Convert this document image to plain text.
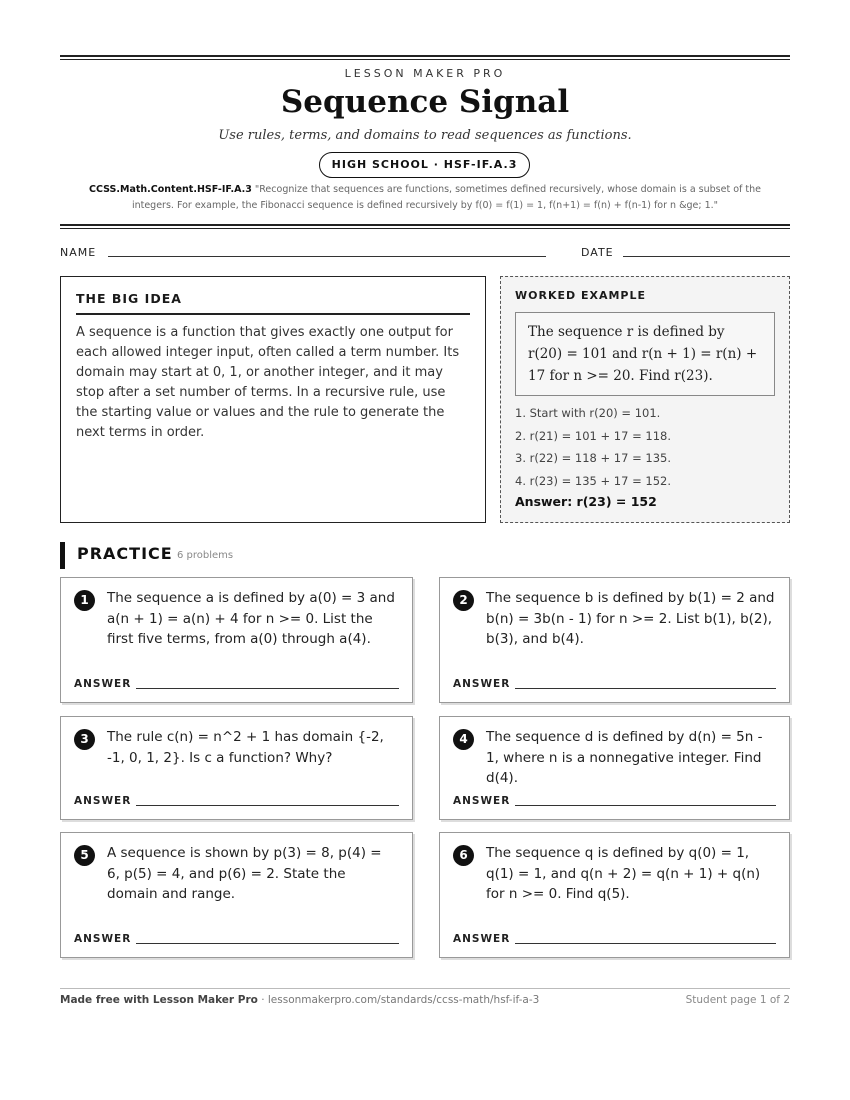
LESSON MAKER PRO
Sequence Signal
Use rules, terms, and domains to read sequences as functions.
HIGH SCHOOL · HSF-IF.A.3
CCSS.Math.Content.HSF-IF.A.3 "Recognize that sequences are functions, sometimes defined recursively, whose domain is a subset of the integers. For example, the Fibonacci sequence is defined recursively by f(0) = f(1) = 1, f(n+1) = f(n) + f(n-1) for n &ge; 1."
NAME	DATE
THE BIG IDEA

A sequence is a function that gives exactly one output for each allowed integer input, often called a term number. Its domain may start at 0, 1, or another integer, and it may stop after a set number of terms. In a recursive rule, use the starting value or values and the rule to generate the next terms in order.

WORKED EXAMPLE
The sequence r is defined by r(20) = 101 and r(n + 1) = r(n) + 17 for n >= 20. Find r(23).
1. Start with r(20) = 101.
2. r(21) = 101 + 17 = 118.
3. r(22) = 118 + 17 = 135.
4. r(23) = 135 + 17 = 152.
Answer: r(23) = 152
PRACTICE 6 problems
1	The sequence a is defined by a(0) = 3 and a(n + 1) = a(n) + 4 for n >= 0. List the first five terms, from a(0) through a(4).
ANSWER
2	The sequence b is defined by b(1) = 2 and b(n) = 3b(n - 1) for n >= 2. List b(1), b(2), b(3), and b(4).
ANSWER
3	The rule c(n) = n^2 + 1 has domain {-2, -1, 0, 1, 2}. Is c a function? Why?
ANSWER
4	The sequence d is defined by d(n) = 5n - 1, where n is a nonnegative integer. Find d(4).
ANSWER
5	A sequence is shown by p(3) = 8, p(4) = 6, p(5) = 4, and p(6) = 2. State the domain and range.
ANSWER
6	The sequence q is defined by q(0) = 1, q(1) = 1, and q(n + 2) = q(n + 1) + q(n) for n >= 0. Find q(5).
ANSWER
Made free with Lesson Maker Pro · lessonmakerpro.com/standards/ccss-math/hsf-if-a-3	Student page 1 of 2
